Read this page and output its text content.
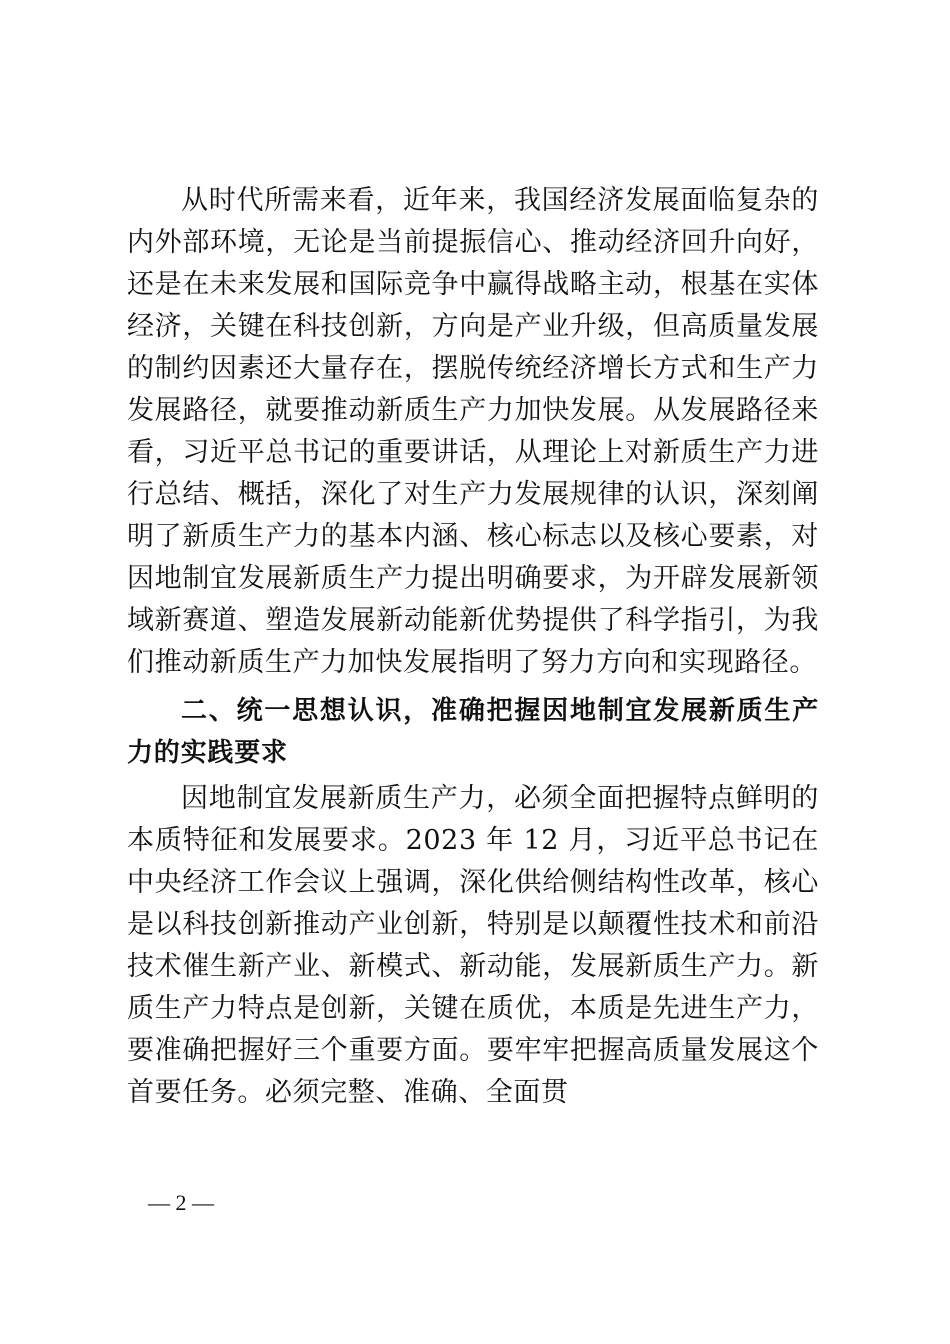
从时代所需来看，近年来，我国经济发展面临复杂的内外部环境，无论是当前提振信心、推动经济回升向好，还是在未来发展和国际竞争中赢得战略主动，根基在实体经济，关键在科技创新，方向是产业升级，但高质量发展的制约因素还大量存在，摆脱传统经济增长方式和生产力发展路径，就要推动新质生产力加快发展。从发展路径来看，习近平总书记的重要讲话，从理论上对新质生产力进行总结、概括，深化了对生产力发展规律的认识，深刻阐明了新质生产力的基本内涵、核心标志以及核心要素，对因地制宜发展新质生产力提出明确要求，为开辟发展新领域新赛道、塑造发展新动能新优势提供了科学指引，为我们推动新质生产力加快发展指明了努力方向和实现路径。

二、统一思想认识，准确把握因地制宜发展新质生产力的实践要求

因地制宜发展新质生产力，必须全面把握特点鲜明的本质特征和发展要求。2023 年 12 月，习近平总书记在中央经济工作会议上强调，深化供给侧结构性改革，核心是以科技创新推动产业创新，特别是以颠覆性技术和前沿技术催生新产业、新模式、新动能，发展新质生产力。新质生产力特点是创新，关键在质优，本质是先进生产力，要准确把握好三个重要方面。要牢牢把握高质量发展这个首要任务。必须完整、准确、全面贯

— 2 —
